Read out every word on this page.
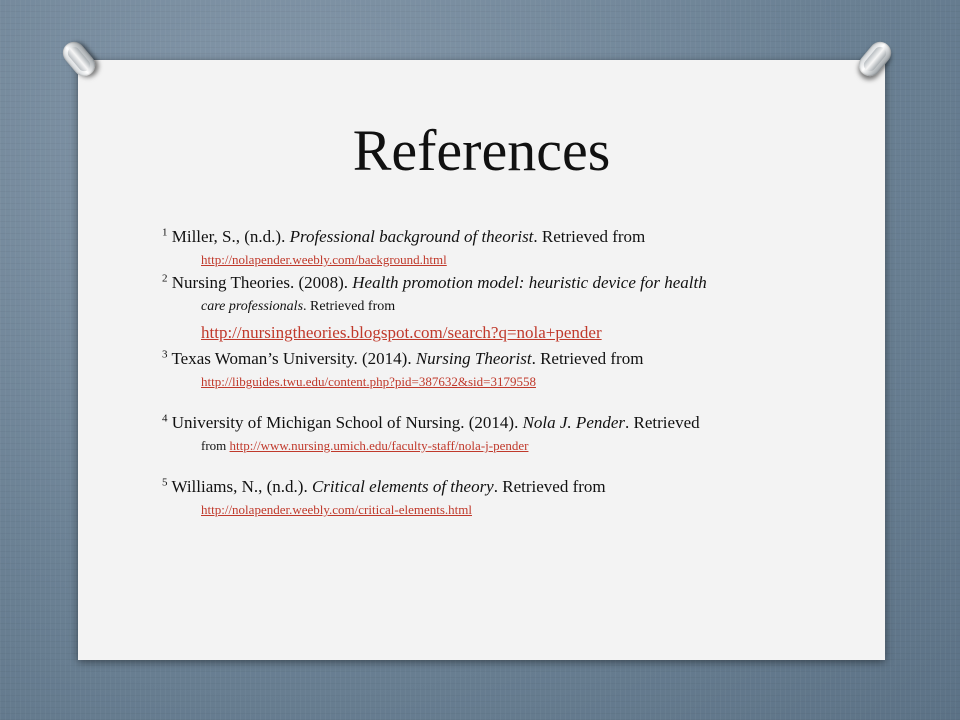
References
$^1$ Miller, S., (n.d.). Professional background of theorist. Retrieved from
http://nolapender.weebly.com/background.html
$^2$ Nursing Theories. (2008). Health promotion model: heuristic device for health
care professionals. Retrieved from
http://nursingtheories.blogspot.com/search?q=nola+pender
$^3$ Texas Woman’s University. (2014). Nursing Theorist. Retrieved from
http://libguides.twu.edu/content.php?pid=387632&sid=3179558
$^4$ University of Michigan School of Nursing. (2014). Nola J. Pender. Retrieved
from http://www.nursing.umich.edu/faculty-staff/nola-j-pender
$^5$ Williams, N., (n.d.). Critical elements of theory. Retrieved from
http://nolapender.weebly.com/critical-elements.html
